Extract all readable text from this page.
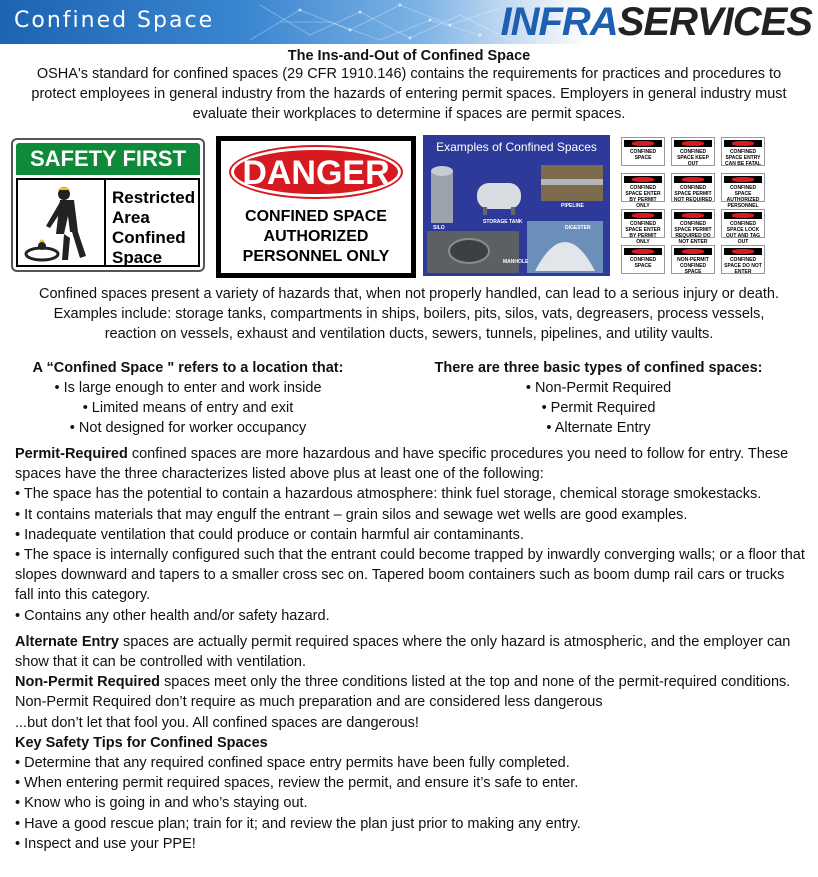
Confined Space	INFRASERVICES
The Ins-and-Out of Confined Space
OSHA's standard for confined spaces (29 CFR 1910.146) contains the requirements for practices and procedures to protect employees in general industry from the hazards of entering permit spaces. Employers in general industry must evaluate their workplaces to determine if spaces are permit spaces.
SAFETY FIRST
Restricted
Area
Confined
Space
DANGER
CONFINED SPACE
AUTHORIZED
PERSONNEL ONLY
Examples of Confined Spaces
SILO
STORAGE TANK
PIPELINE
DIGESTER
MANHOLE
CONFINED SPACE
CONFINED SPACE KEEP OUT
CONFINED SPACE ENTRY CAN BE FATAL
CONFINED SPACE ENTER BY PERMIT ONLY
CONFINED SPACE PERMIT NOT REQUIRED
CONFINED SPACE AUTHORIZED PERSONNEL
CONFINED SPACE ENTER BY PERMIT ONLY
CONFINED SPACE PERMIT REQUIRED DO NOT ENTER
CONFINED SPACE LOCK OUT AND TAG OUT
CONFINED SPACE
NON-PERMIT CONFINED SPACE
CONFINED SPACE DO NOT ENTER
Confined spaces present a variety of hazards that, when not properly handled, can lead to a serious injury or death. Examples include: storage tanks, compartments in ships, boilers, pits, silos, vats, degreasers, process vessels, reaction on vessels, exhaust and ventilation ducts, sewers, tunnels, pipelines, and utility vaults.
A “Confined Space " refers to a location that:
• Is large enough to enter and work inside
• Limited means of entry and exit
• Not designed for worker occupancy
There are three basic types of confined spaces:
• Non-Permit Required
• Permit Required
• Alternate Entry
Permit-Required confined spaces are more hazardous and have specific procedures you need to follow for entry. These spaces have the three characterizes listed above plus at least one of the following:
• The space has the potential to contain a hazardous atmosphere: think fuel storage, chemical storage smokestacks.
• It contains materials that may engulf the entrant – grain silos and sewage wet wells are good examples.
• Inadequate ventilation that could produce or contain harmful air contaminants.
• The space is internally configured such that the entrant could become trapped by inwardly converging walls; or a floor that slopes downward and tapers to a smaller cross sec on. Tapered boom containers such as boom dump rail cars or trucks fall into this category.
• Contains any other health and/or safety hazard.
Alternate Entry spaces are actually permit required spaces where the only hazard is atmospheric, and the employer can show that it can be controlled with ventilation.
Non-Permit Required spaces meet only the three conditions listed at the top and none of the permit-required conditions. Non-Permit Required don’t require as much preparation and are considered less dangerous
...but don’t let that fool you. All confined spaces are dangerous!
Key Safety Tips for Confined Spaces
• Determine that any required confined space entry permits have been fully completed.
• When entering permit required spaces, review the permit, and ensure it’s safe to enter.
• Know who is going in and who’s staying out.
• Have a good rescue plan; train for it; and review the plan just prior to making any entry.
• Inspect and use your PPE!
